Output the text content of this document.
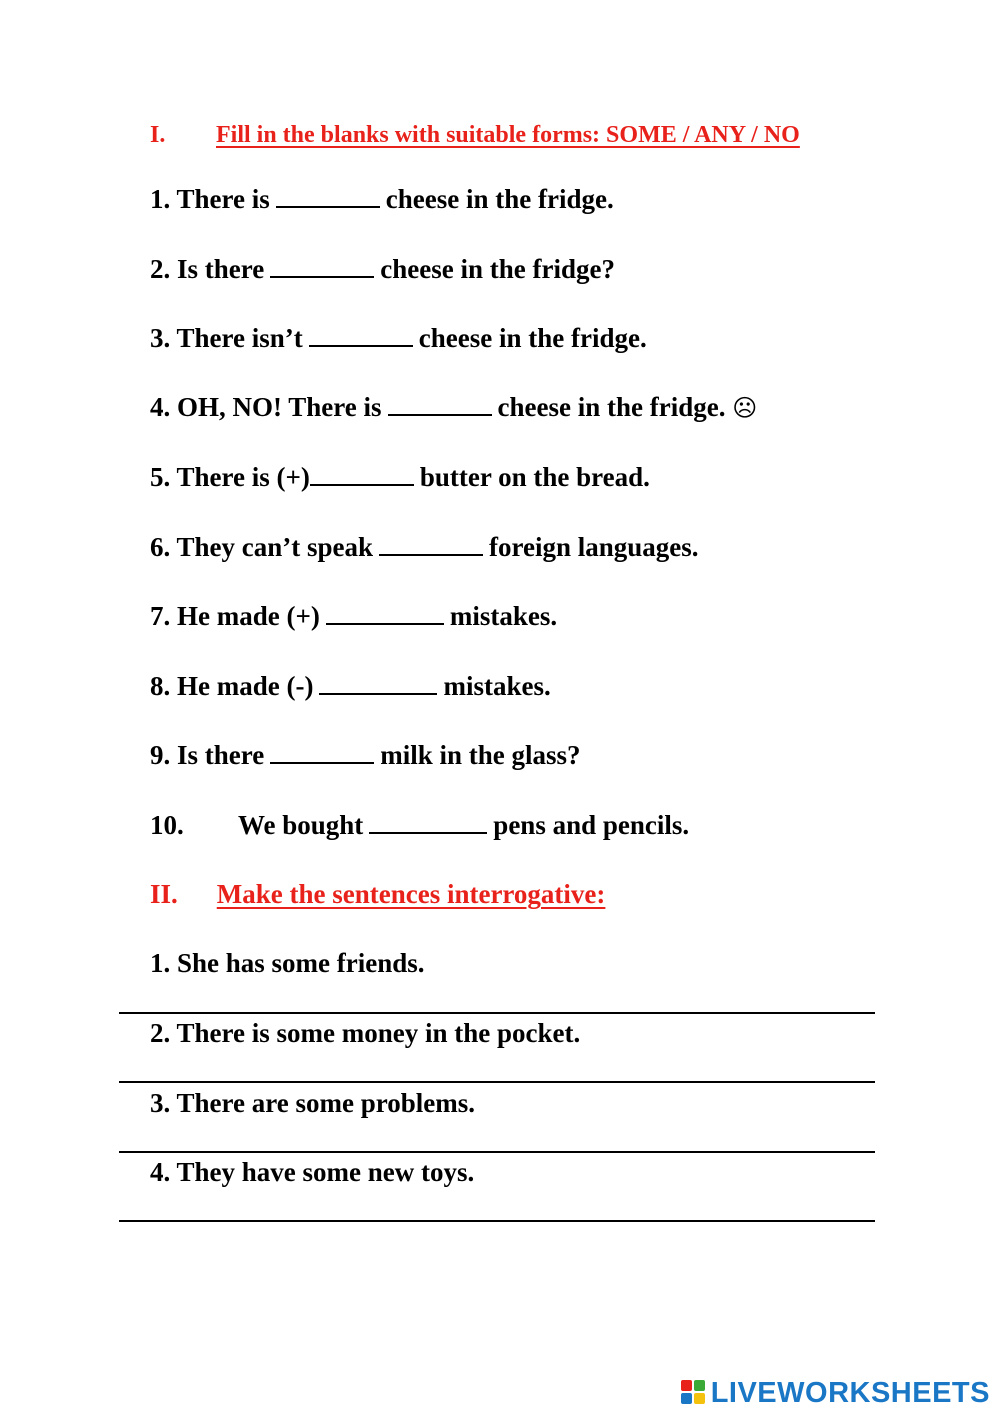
I. Fill in the blanks with suitable forms: SOME / ANY / NO
1. There is	cheese in the fridge.
2. Is there	cheese in the fridge?
3. There isn’t	cheese in the fridge.
4. OH, NO! There is	cheese in the fridge. ☹
5. There is (+)	butter on the bread.
6. They can’t speak	foreign languages.
7. He made (+)	mistakes.
8. He made (-)	mistakes.
9. Is there	milk in the glass?
10. We bought	pens and pencils.
II. Make the sentences interrogative:
1. She has some friends.
2. There is some money in the pocket.
3. There are some problems.
4. They have some new toys.
LIVEWORKSHEETS
